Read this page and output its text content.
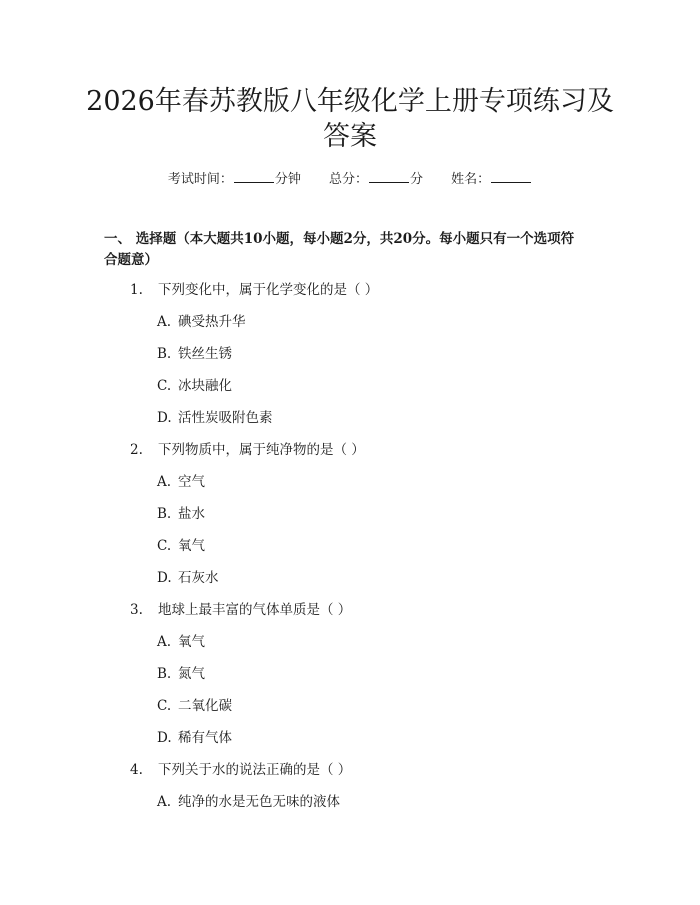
2026年春苏教版八年级化学上册专项练习及
答案
考试时间：	分钟 总分：	分 姓名：
一、 选择题（本大题共10小题，每小题2分，共20分。每小题只有一个选项符
合题意）
1. 下列变化中，属于化学变化的是（ ）
A. 碘受热升华
B. 铁丝生锈
C. 冰块融化
D. 活性炭吸附色素
2. 下列物质中，属于纯净物的是（ ）
A. 空气
B. 盐水
C. 氧气
D. 石灰水
3. 地球上最丰富的气体单质是（ ）
A. 氧气
B. 氮气
C. 二氧化碳
D. 稀有气体
4. 下列关于水的说法正确的是（ ）
A. 纯净的水是无色无味的液体
